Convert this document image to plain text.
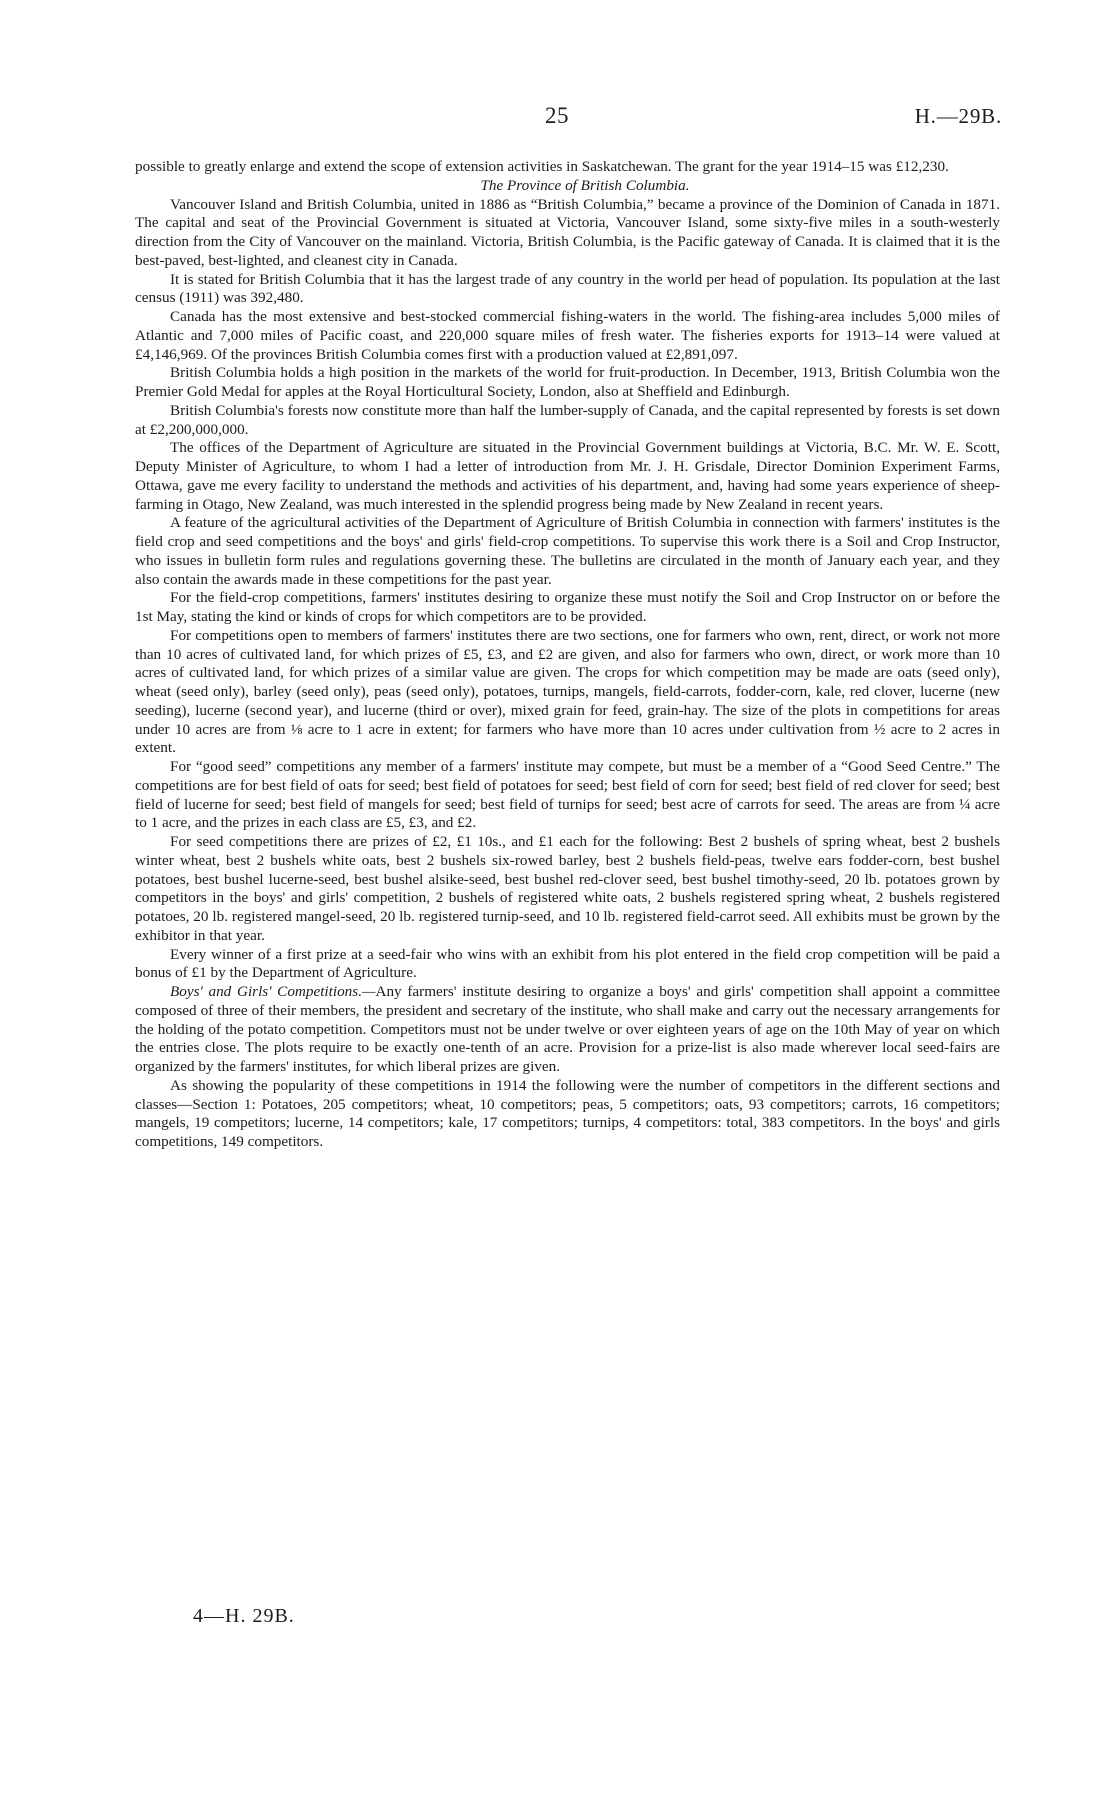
25	H.—29B.

possible to greatly enlarge and extend the scope of extension activities in Saskatchewan. The grant for the year 1914–15 was £12,230.

The Province of British Columbia.

Vancouver Island and British Columbia, united in 1886 as “British Columbia,” became a province of the Dominion of Canada in 1871. The capital and seat of the Provincial Government is situated at Victoria, Vancouver Island, some sixty-five miles in a south-westerly direction from the City of Vancouver on the mainland. Victoria, British Columbia, is the Pacific gateway of Canada. It is claimed that it is the best-paved, best-lighted, and cleanest city in Canada.

It is stated for British Columbia that it has the largest trade of any country in the world per head of population. Its population at the last census (1911) was 392,480.

Canada has the most extensive and best-stocked commercial fishing-waters in the world. The fishing-area includes 5,000 miles of Atlantic and 7,000 miles of Pacific coast, and 220,000 square miles of fresh water. The fisheries exports for 1913–14 were valued at £4,146,969. Of the provinces British Columbia comes first with a production valued at £2,891,097.

British Columbia holds a high position in the markets of the world for fruit-production. In December, 1913, British Columbia won the Premier Gold Medal for apples at the Royal Horticultural Society, London, also at Sheffield and Edinburgh.

British Columbia's forests now constitute more than half the lumber-supply of Canada, and the capital represented by forests is set down at £2,200,000,000.

The offices of the Department of Agriculture are situated in the Provincial Government buildings at Victoria, B.C. Mr. W. E. Scott, Deputy Minister of Agriculture, to whom I had a letter of introduction from Mr. J. H. Grisdale, Director Dominion Experiment Farms, Ottawa, gave me every facility to understand the methods and activities of his department, and, having had some years experience of sheep-farming in Otago, New Zealand, was much interested in the splendid progress being made by New Zealand in recent years.

A feature of the agricultural activities of the Department of Agriculture of British Columbia in connection with farmers' institutes is the field crop and seed competitions and the boys' and girls' field-crop competitions. To supervise this work there is a Soil and Crop Instructor, who issues in bulletin form rules and regulations governing these. The bulletins are circulated in the month of January each year, and they also contain the awards made in these competitions for the past year.

For the field-crop competitions, farmers' institutes desiring to organize these must notify the Soil and Crop Instructor on or before the 1st May, stating the kind or kinds of crops for which competitors are to be provided.

For competitions open to members of farmers' institutes there are two sections, one for farmers who own, rent, direct, or work not more than 10 acres of cultivated land, for which prizes of £5, £3, and £2 are given, and also for farmers who own, direct, or work more than 10 acres of cultivated land, for which prizes of a similar value are given. The crops for which competition may be made are oats (seed only), wheat (seed only), barley (seed only), peas (seed only), potatoes, turnips, mangels, field-carrots, fodder-corn, kale, red clover, lucerne (new seeding), lucerne (second year), and lucerne (third or over), mixed grain for feed, grain-hay. The size of the plots in competitions for areas under 10 acres are from ⅛ acre to 1 acre in extent; for farmers who have more than 10 acres under cultivation from ½ acre to 2 acres in extent.

For “good seed” competitions any member of a farmers' institute may compete, but must be a member of a “Good Seed Centre.” The competitions are for best field of oats for seed; best field of potatoes for seed; best field of corn for seed; best field of red clover for seed; best field of lucerne for seed; best field of mangels for seed; best field of turnips for seed; best acre of carrots for seed. The areas are from ¼ acre to 1 acre, and the prizes in each class are £5, £3, and £2.

For seed competitions there are prizes of £2, £1 10s., and £1 each for the following: Best 2 bushels of spring wheat, best 2 bushels winter wheat, best 2 bushels white oats, best 2 bushels six-rowed barley, best 2 bushels field-peas, twelve ears fodder-corn, best bushel potatoes, best bushel lucerne-seed, best bushel alsike-seed, best bushel red-clover seed, best bushel timothy-seed, 20 lb. potatoes grown by competitors in the boys' and girls' competition, 2 bushels of registered white oats, 2 bushels registered spring wheat, 2 bushels registered potatoes, 20 lb. registered mangel-seed, 20 lb. registered turnip-seed, and 10 lb. registered field-carrot seed. All exhibits must be grown by the exhibitor in that year.

Every winner of a first prize at a seed-fair who wins with an exhibit from his plot entered in the field crop competition will be paid a bonus of £1 by the Department of Agriculture.

Boys' and Girls' Competitions.—Any farmers' institute desiring to organize a boys' and girls' competition shall appoint a committee composed of three of their members, the president and secretary of the institute, who shall make and carry out the necessary arrangements for the holding of the potato competition. Competitors must not be under twelve or over eighteen years of age on the 10th May of year on which the entries close. The plots require to be exactly one-tenth of an acre. Provision for a prize-list is also made wherever local seed-fairs are organized by the farmers' institutes, for which liberal prizes are given.

As showing the popularity of these competitions in 1914 the following were the number of competitors in the different sections and classes—Section 1: Potatoes, 205 competitors; wheat, 10 competitors; peas, 5 competitors; oats, 93 competitors; carrots, 16 competitors; mangels, 19 competitors; lucerne, 14 competitors; kale, 17 competitors; turnips, 4 competitors: total, 383 competitors. In the boys' and girls competitions, 149 competitors.

4—H. 29B.
